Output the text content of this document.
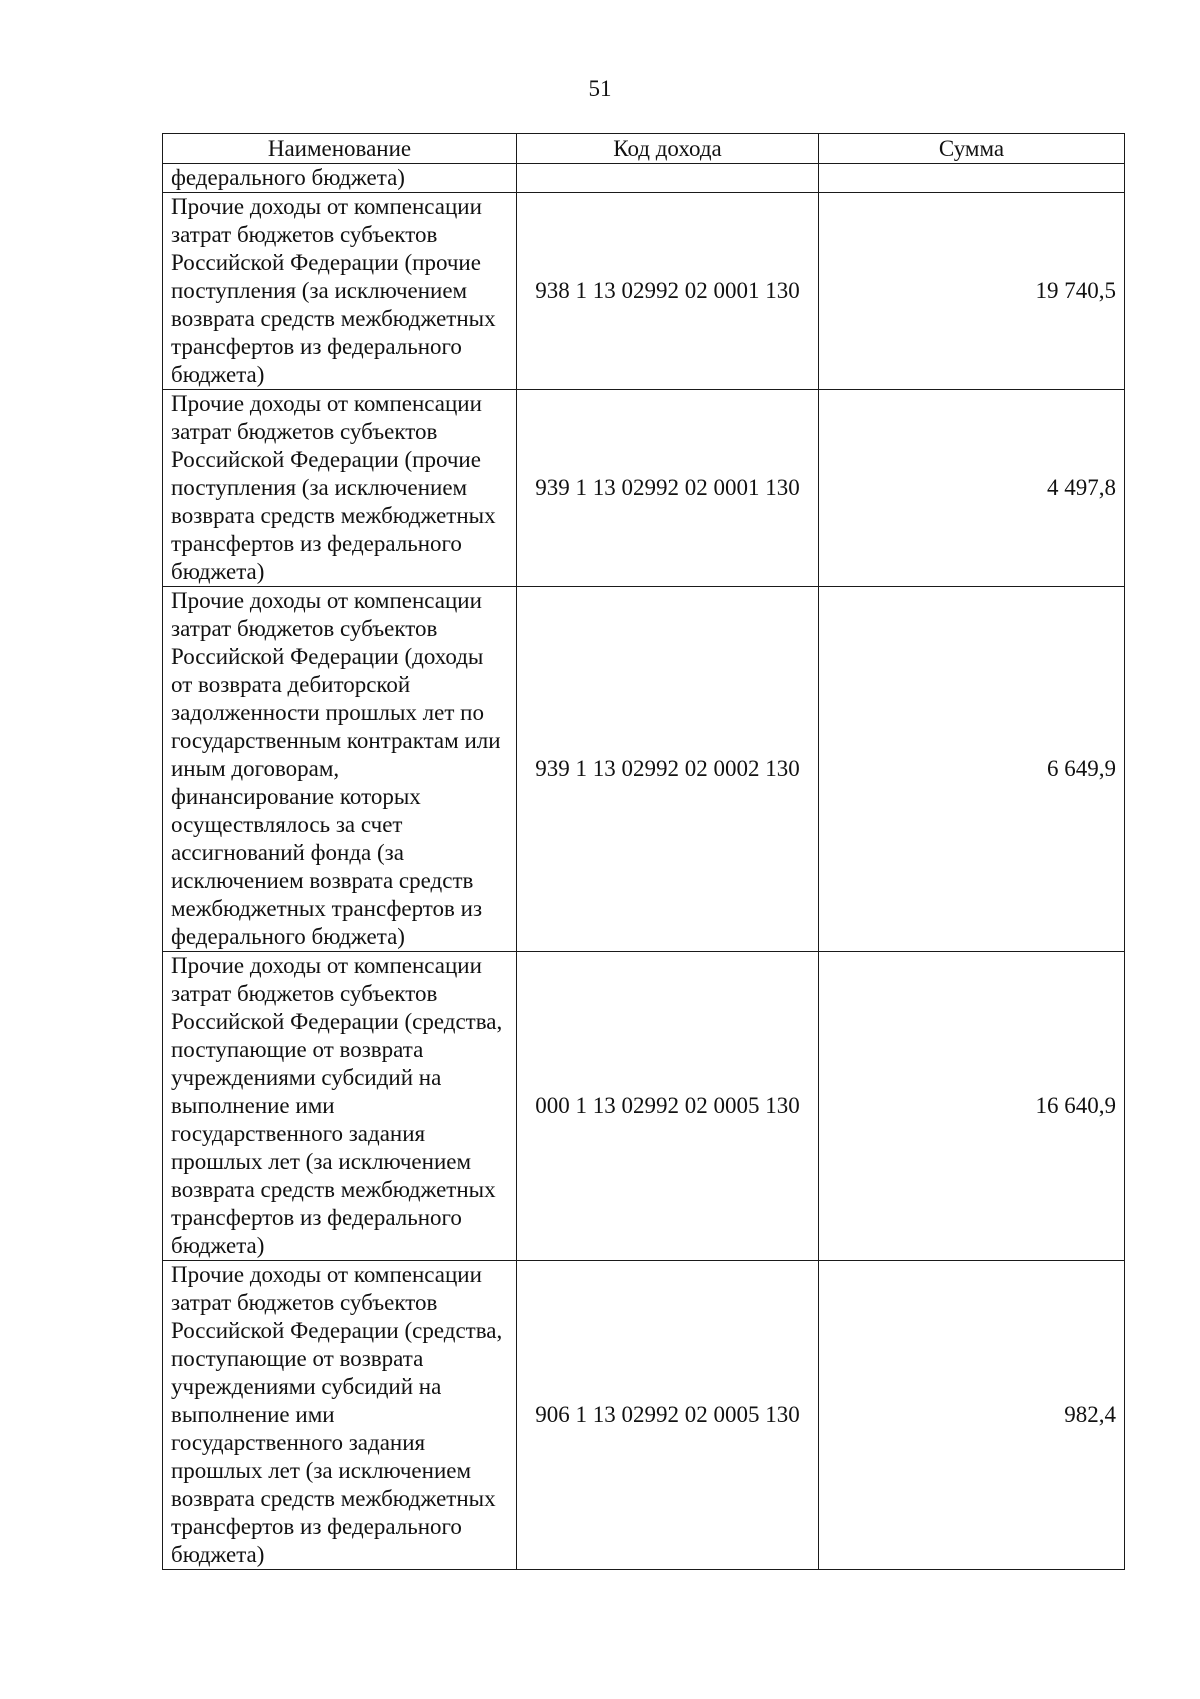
51
Наименование	Код дохода	Сумма
федерального бюджета)		
Прочие доходы от компенсации затрат бюджетов субъектов Российской Федерации (прочие поступления (за исключением возврата средств межбюджетных трансфертов из федерального бюджета)	938 1 13 02992 02 0001 130	19 740,5
Прочие доходы от компенсации затрат бюджетов субъектов Российской Федерации (прочие поступления (за исключением возврата средств межбюджетных трансфертов из федерального бюджета)	939 1 13 02992 02 0001 130	4 497,8
Прочие доходы от компенсации затрат бюджетов субъектов Российской Федерации (доходы от возврата дебиторской задолженности прошлых лет по государственным контрактам или иным договорам, финансирование которых осуществлялось за счет ассигнований фонда (за исключением возврата средств межбюджетных трансфертов из федерального бюджета)	939 1 13 02992 02 0002 130	6 649,9
Прочие доходы от компенсации затрат бюджетов субъектов Российской Федерации (средства, поступающие от возврата учреждениями субсидий на выполнение ими государственного задания прошлых лет (за исключением возврата средств межбюджетных трансфертов из федерального бюджета)	000 1 13 02992 02 0005 130	16 640,9
Прочие доходы от компенсации затрат бюджетов субъектов Российской Федерации (средства, поступающие от возврата учреждениями субсидий на выполнение ими государственного задания прошлых лет (за исключением возврата средств межбюджетных трансфертов из федерального бюджета)	906 1 13 02992 02 0005 130	982,4
